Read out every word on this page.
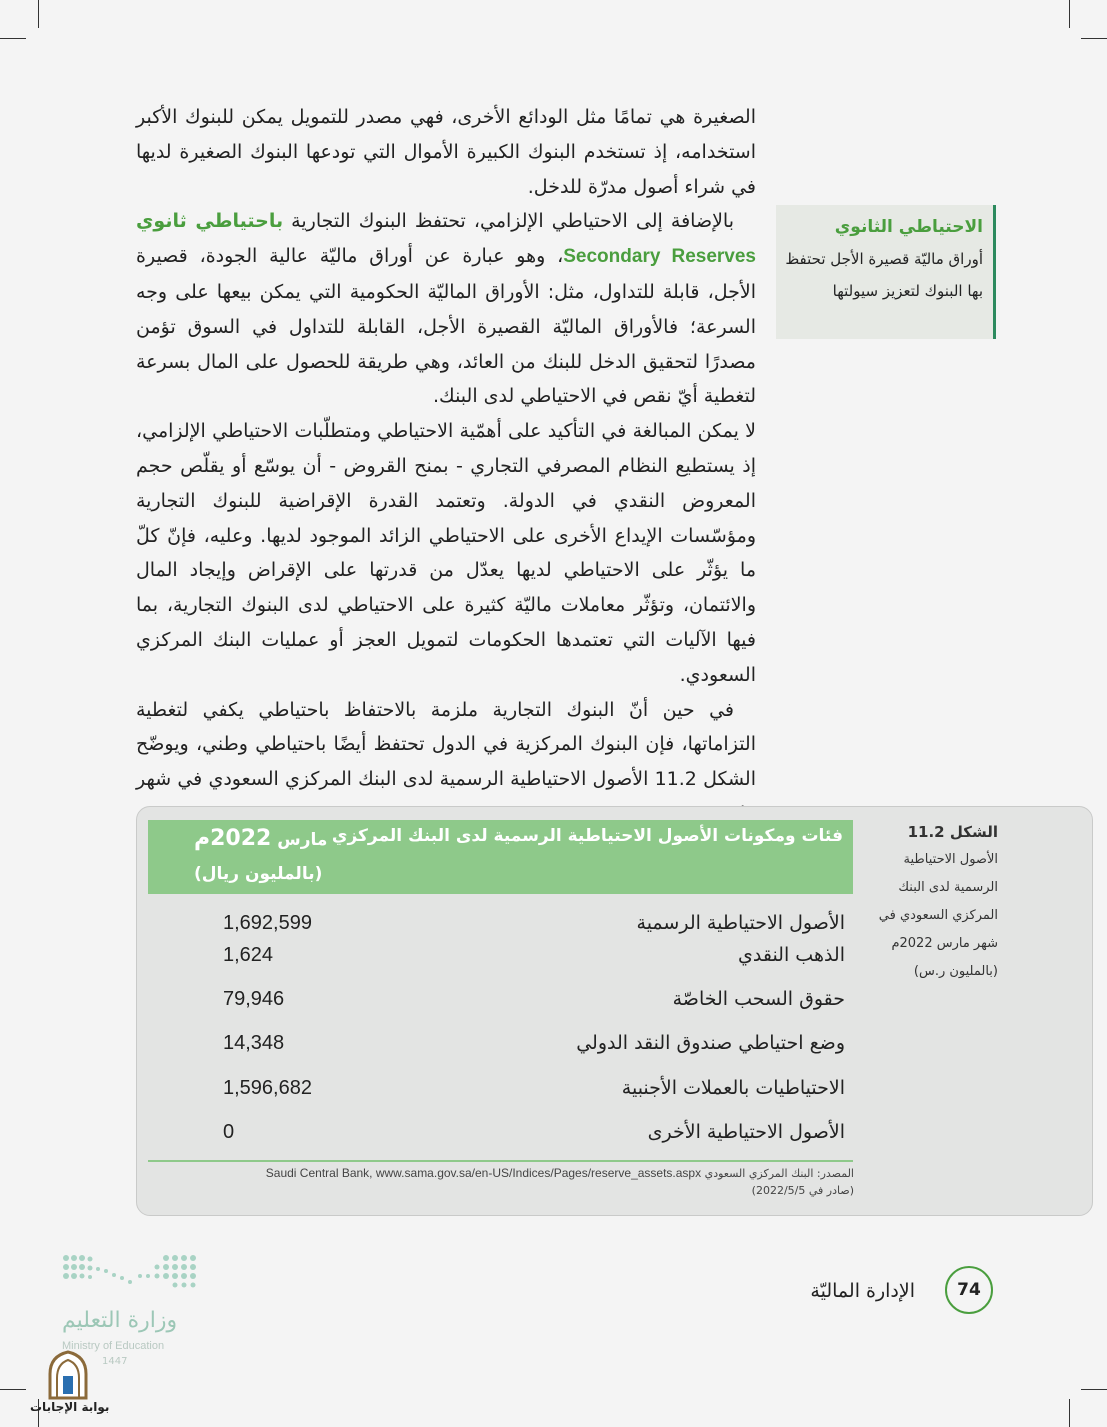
الصغيرة هي تمامًا مثل الودائع الأخرى، فهي مصدر للتمويل يمكن للبنوك الأكبر استخدامه، إذ تستخدم البنوك الكبيرة الأموال التي تودعها البنوك الصغيرة لديها في شراء أصول مدرّة للدخل.

بالإضافة إلى الاحتياطي الإلزامي، تحتفظ البنوك التجارية باحتياطي ثانوي Secondary Reserves، وهو عبارة عن أوراق ماليّة عالية الجودة، قصيرة الأجل، قابلة للتداول، مثل: الأوراق الماليّة الحكومية التي يمكن بيعها على وجه السرعة؛ فالأوراق الماليّة القصيرة الأجل، القابلة للتداول في السوق تؤمن مصدرًا لتحقيق الدخل للبنك من العائد، وهي طريقة للحصول على المال بسرعة لتغطية أيّ نقص في الاحتياطي لدى البنك.

لا يمكن المبالغة في التأكيد على أهمّية الاحتياطي ومتطلّبات الاحتياطي الإلزامي، إذ يستطيع النظام المصرفي التجاري - بمنح القروض - أن يوسّع أو يقلّص حجم المعروض النقدي في الدولة. وتعتمد القدرة الإقراضية للبنوك التجارية ومؤسّسات الإيداع الأخرى على الاحتياطي الزائد الموجود لديها. وعليه، فإنّ كلّ ما يؤثّر على الاحتياطي لديها يعدّل من قدرتها على الإقراض وإيجاد المال والائتمان، وتؤثّر معاملات ماليّة كثيرة على الاحتياطي لدى البنوك التجارية، بما فيها الآليات التي تعتمدها الحكومات لتمويل العجز أو عمليات البنك المركزي السعودي.

في حين أنّ البنوك التجارية ملزمة بالاحتفاظ باحتياطي يكفي لتغطية التزاماتها، فإن البنوك المركزية في الدول تحتفظ أيضًا باحتياطي وطني، ويوضّح الشكل 11.2 الأصول الاحتياطية الرسمية لدى البنك المركزي السعودي في شهر

الاحتياطي الثانوي
أوراق ماليّة قصيرة الأجل تحتفظ بها البنوك لتعزيز سيولتها
الشكل 11.2
الأصول الاحتياطية الرسمية لدى البنك المركزي السعودي في شهر مارس 2022م (بالمليون ر.س)
فئات ومكونات الأصول الاحتياطية الرسمية لدى البنك المركزي
مارس 2022م
(بالمليون ريال)
الأصول الاحتياطية الرسمية
1,692,599
الذهب النقدي
1,624
حقوق السحب الخاصّة
79,946
وضع احتياطي صندوق النقد الدولي
14,348
الاحتياطيات بالعملات الأجنبية
1,596,682
الأصول الاحتياطية الأخرى
0
المصدر: البنك المركزي السعودي Saudi Central Bank, www.sama.gov.sa/en-US/Indices/Pages/reserve_assets.aspx
(صادر في 2022/5/5)
74
الإدارة الماليّة
وزارة التعليم
Ministry of Education
1447
بوابة الإجابات
